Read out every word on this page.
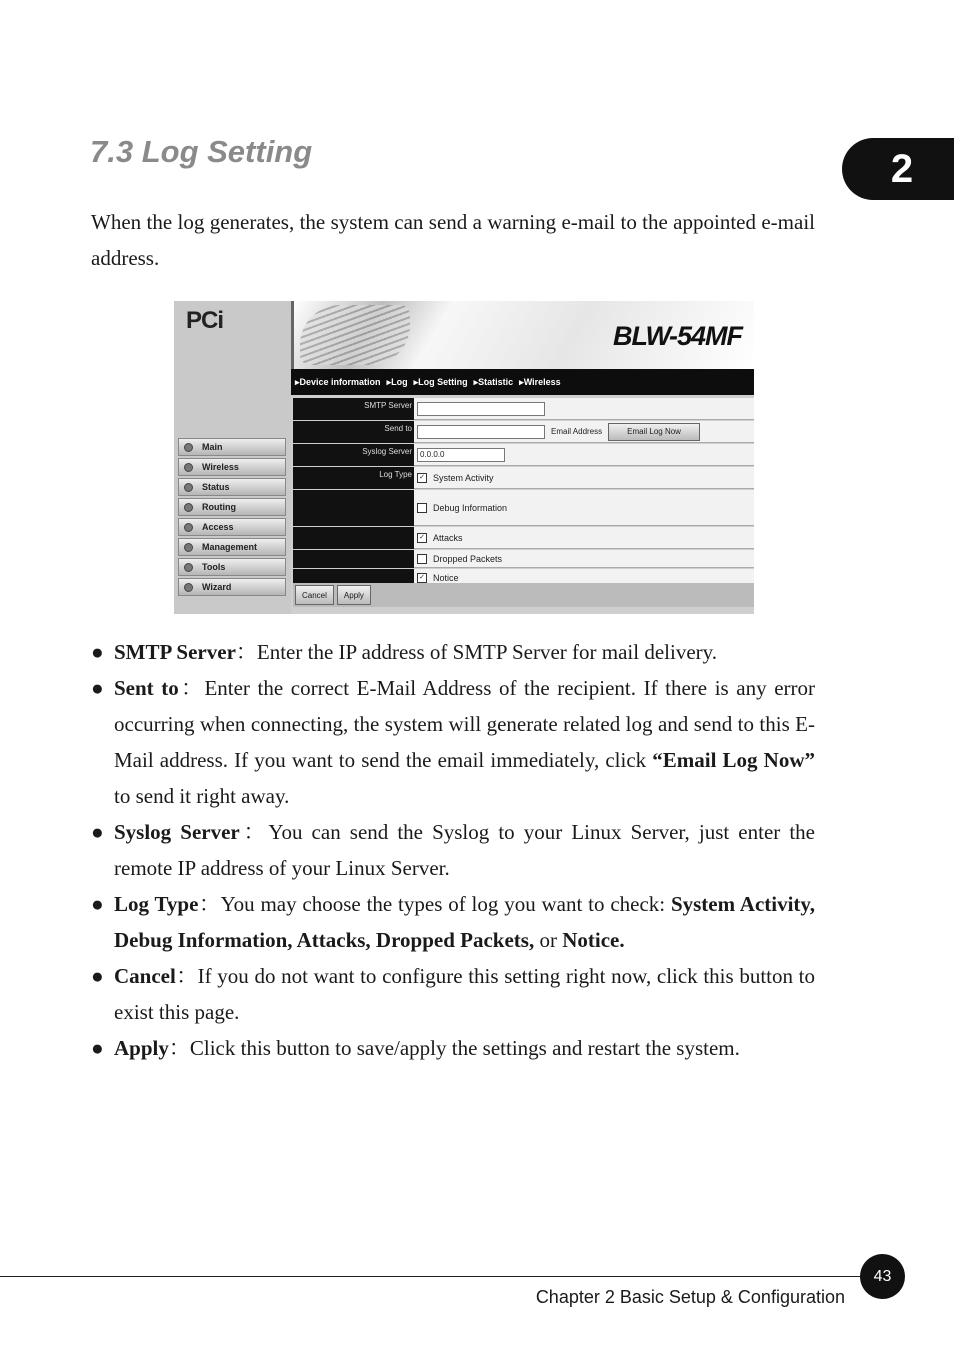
2
7.3 Log Setting

When the log generates, the system can send a warning e-mail to the appointed e-mail address.

PCi
Main
Wireless
Status
Routing
Access
Management
Tools
Wizard
BLW-54MF
▸Device information ▸Log ▸Log Setting ▸Statistic ▸Wireless
SMTP Server
Send to	Email Address	Email Log Now
Syslog Server	0.0.0.0
Log Type ✓ System Activity
Debug Information
✓ Attacks
Dropped Packets
✓ Notice
Cancel	Apply
● SMTP Server：Enter the IP address of SMTP Server for mail delivery.
● Sent to：Enter the correct E-Mail Address of the recipient. If there is any error occurring when connecting, the system will generate related log and send to this E-Mail address. If you want to send the email immediately, click “Email Log Now” to send it right away.
● Syslog Server：You can send the Syslog to your Linux Server, just enter the remote IP address of your Linux Server.
● Log Type：You may choose the types of log you want to check: System Activity, Debug Information, Attacks, Dropped Packets, or Notice.
● Cancel：If you do not want to configure this setting right now, click this button to exist this page.
● Apply：Click this button to save/apply the settings and restart the system.
43
Chapter 2 Basic Setup & Configuration
